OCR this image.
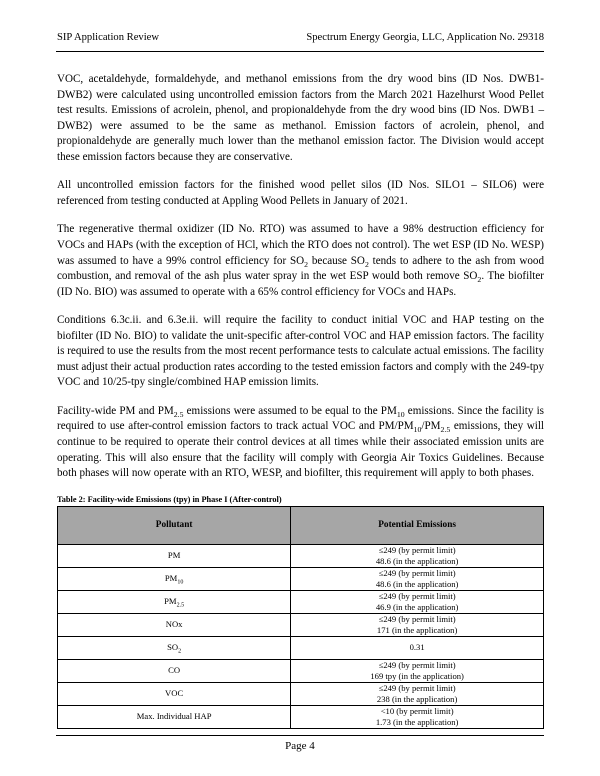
SIP Application Review	Spectrum Energy Georgia, LLC, Application No. 29318

VOC, acetaldehyde, formaldehyde, and methanol emissions from the dry wood bins (ID Nos. DWB1-DWB2) were calculated using uncontrolled emission factors from the March 2021 Hazelhurst Wood Pellet test results. Emissions of acrolein, phenol, and propionaldehyde from the dry wood bins (ID Nos. DWB1 – DWB2) were assumed to be the same as methanol. Emission factors of acrolein, phenol, and propionaldehyde are generally much lower than the methanol emission factor. The Division would accept these emission factors because they are conservative.

All uncontrolled emission factors for the finished wood pellet silos (ID Nos. SILO1 – SILO6) were referenced from testing conducted at Appling Wood Pellets in January of 2021.

The regenerative thermal oxidizer (ID No. RTO) was assumed to have a 98% destruction efficiency for VOCs and HAPs (with the exception of HCl, which the RTO does not control). The wet ESP (ID No. WESP) was assumed to have a 99% control efficiency for $SO_2$ because $SO_2$ tends to adhere to the ash from wood combustion, and removal of the ash plus water spray in the wet ESP would both remove $SO_2$. The biofilter (ID No. BIO) was assumed to operate with a 65% control efficiency for VOCs and HAPs.

Conditions 6.3c.ii. and 6.3e.ii. will require the facility to conduct initial VOC and HAP testing on the biofilter (ID No. BIO) to validate the unit-specific after-control VOC and HAP emission factors. The facility is required to use the results from the most recent performance tests to calculate actual emissions. The facility must adjust their actual production rates according to the tested emission factors and comply with the 249-tpy VOC and 10/25-tpy single/combined HAP emission limits.

Facility-wide PM and $PM_{2.5}$ emissions were assumed to be equal to the $PM_{10}$ emissions. Since the facility is required to use after-control emission factors to track actual VOC and $PM/PM_{10}/PM_{2.5}$ emissions, they will continue to be required to operate their control devices at all times while their associated emission units are operating. This will also ensure that the facility will comply with Georgia Air Toxics Guidelines. Because both phases will now operate with an RTO, WESP, and biofilter, this requirement will apply to both phases.

Table 2: Facility-wide Emissions (tpy) in Phase I (After-control)
Pollutant	Potential Emissions
PM	≤249 (by permit limit)
48.6 (in the application)

$PM_{10}$	≤249 (by permit limit)
48.6 (in the application)

$PM_{2.5}$	≤249 (by permit limit)
46.9 (in the application)

NOx	≤249 (by permit limit)
171 (in the application)

$SO_2$	0.31

CO	≤249 (by permit limit)
169 tpy (in the application)

VOC	≤249 (by permit limit)
238 (in the application)

Max. Individual HAP	<10 (by permit limit)
1.73 (in the application)
Page 4
